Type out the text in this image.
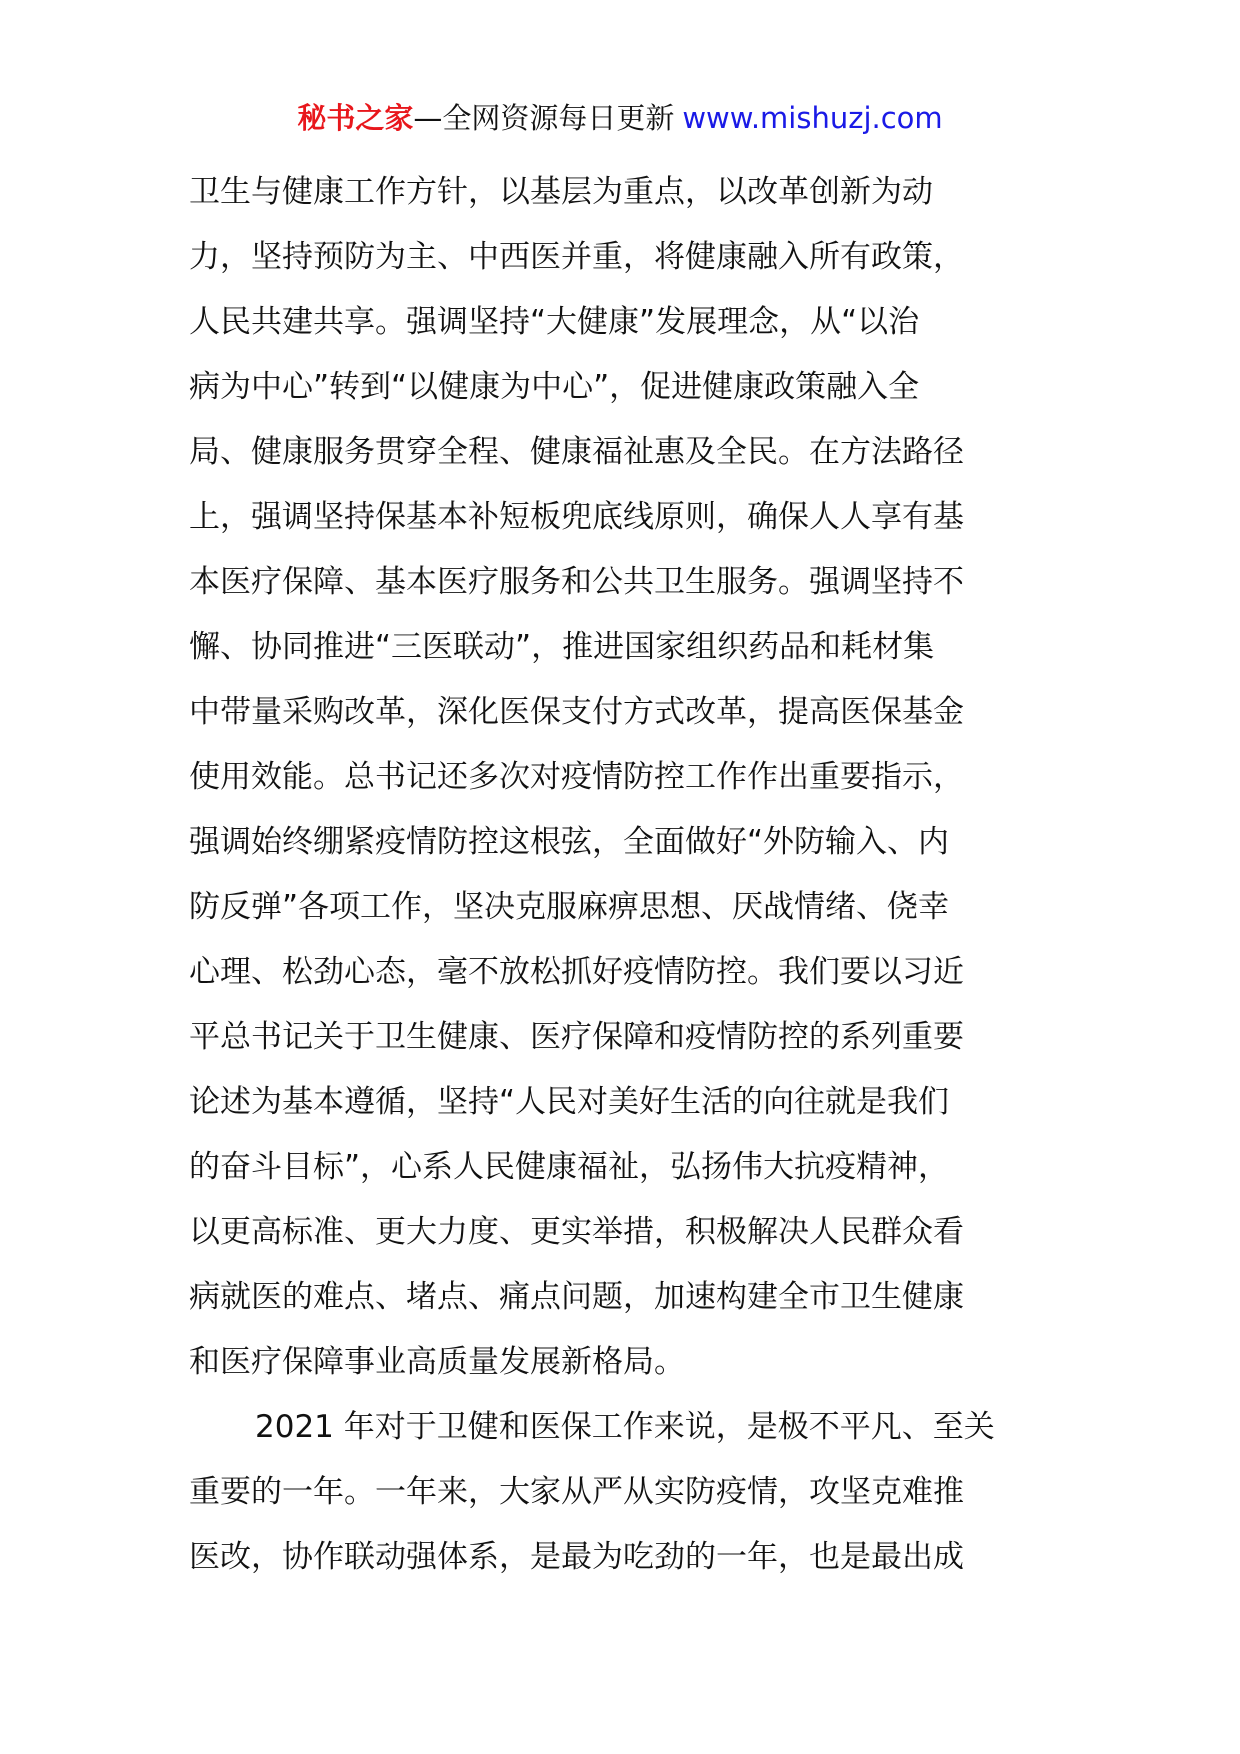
秘书之家—全网资源每日更新 www.mishuzj.com
卫生与健康工作方针，以基层为重点，以改革创新为动
力，坚持预防为主、中西医并重，将健康融入所有政策，
人民共建共享。强调坚持“大健康”发展理念，从“以治
病为中心”转到“以健康为中心”，促进健康政策融入全
局、健康服务贯穿全程、健康福祉惠及全民。在方法路径
上，强调坚持保基本补短板兜底线原则，确保人人享有基
本医疗保障、基本医疗服务和公共卫生服务。强调坚持不
懈、协同推进“三医联动”，推进国家组织药品和耗材集
中带量采购改革，深化医保支付方式改革，提高医保基金
使用效能。总书记还多次对疫情防控工作作出重要指示，
强调始终绷紧疫情防控这根弦，全面做好“外防输入、内
防反弹”各项工作，坚决克服麻痹思想、厌战情绪、侥幸
心理、松劲心态，毫不放松抓好疫情防控。我们要以习近
平总书记关于卫生健康、医疗保障和疫情防控的系列重要
论述为基本遵循，坚持“人民对美好生活的向往就是我们
的奋斗目标”，心系人民健康福祉，弘扬伟大抗疫精神，
以更高标准、更大力度、更实举措，积极解决人民群众看
病就医的难点、堵点、痛点问题，加速构建全市卫生健康
和医疗保障事业高质量发展新格局。
2021 年对于卫健和医保工作来说，是极不平凡、至关
重要的一年。一年来，大家从严从实防疫情，攻坚克难推
医改，协作联动强体系，是最为吃劲的一年，也是最出成
